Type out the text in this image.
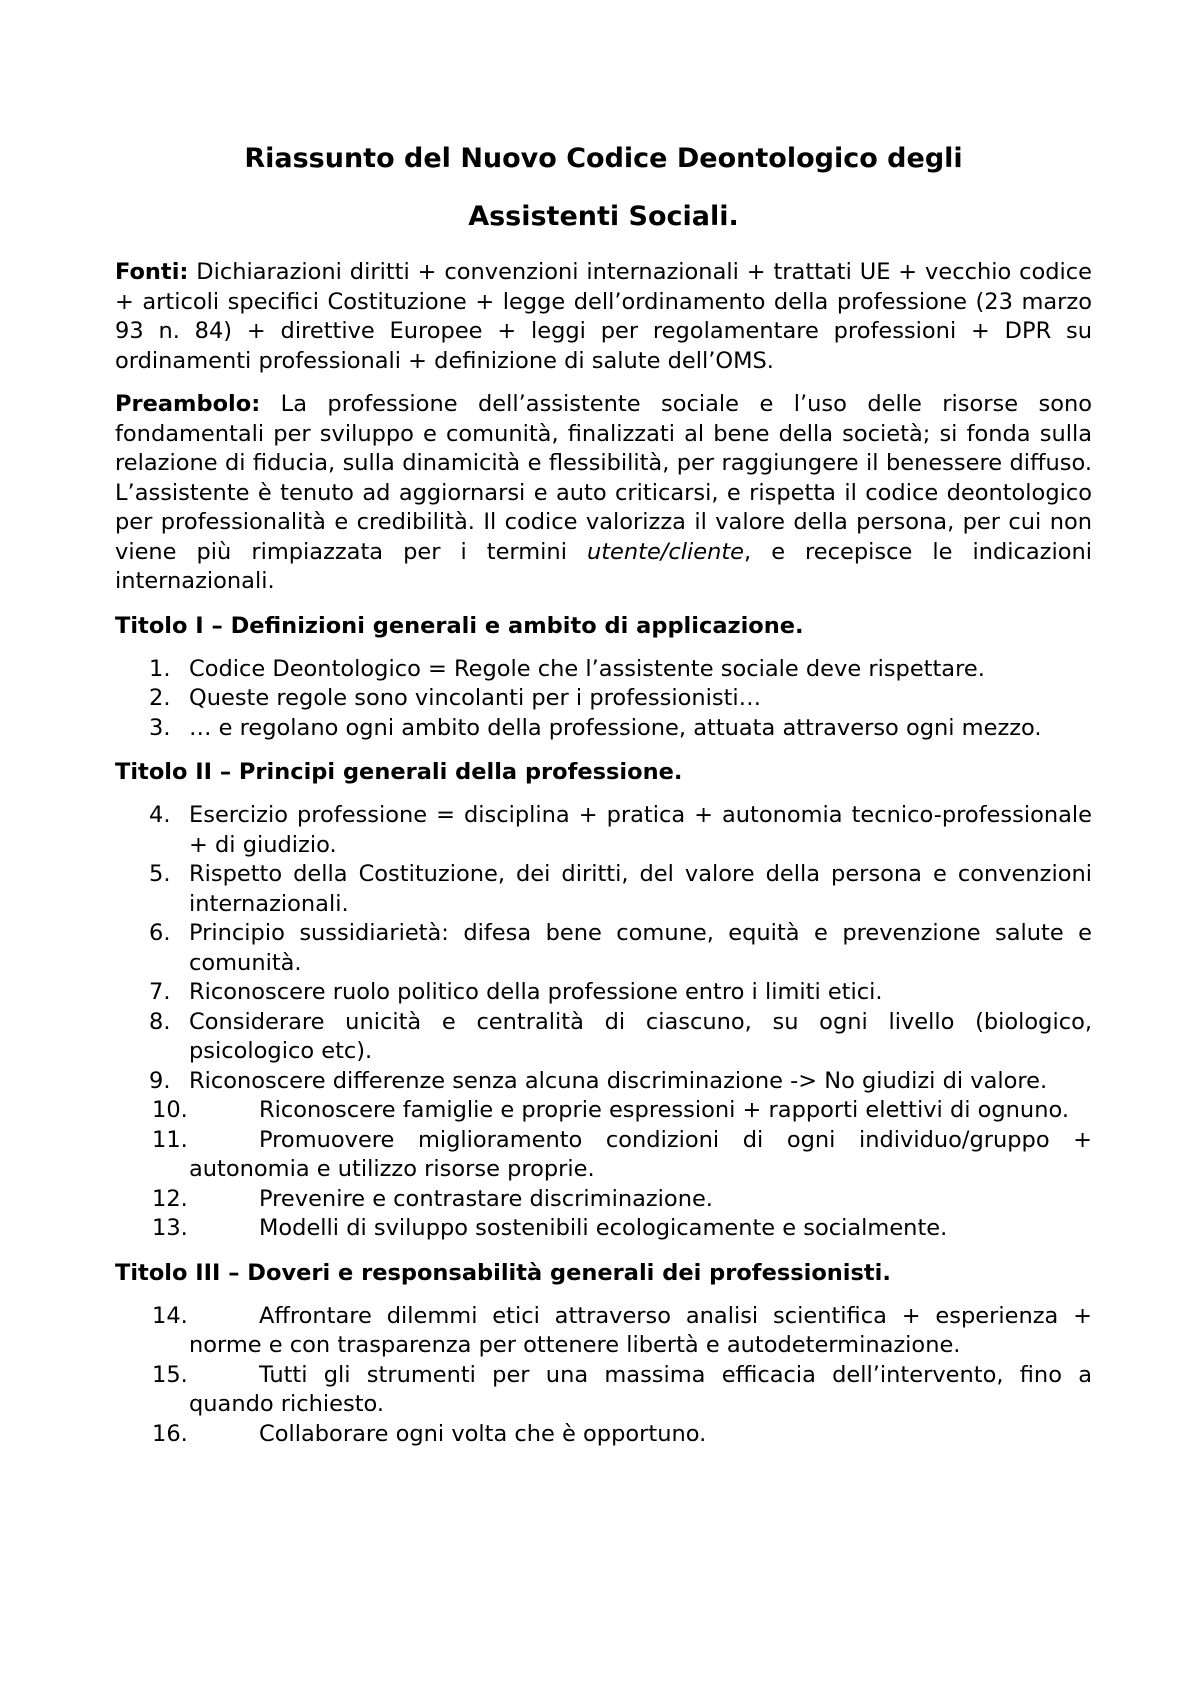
Riassunto del Nuovo Codice Deontologico degli
Assistenti Sociali.

Fonti: Dichiarazioni diritti + convenzioni internazionali + trattati UE + vecchio codice + articoli specifici Costituzione + legge dell’ordinamento della professione (23 marzo 93 n. 84) + direttive Europee + leggi per regolamentare professioni + DPR su ordinamenti professionali + definizione di salute dell’OMS.

Preambolo: La professione dell’assistente sociale e l’uso delle risorse sono fondamentali per sviluppo e comunità, finalizzati al bene della società; si fonda sulla relazione di fiducia, sulla dinamicità e flessibilità, per raggiungere il benessere diffuso. L’assistente è tenuto ad aggiornarsi e auto criticarsi, e rispetta il codice deontologico per professionalità e credibilità. Il codice valorizza il valore della persona, per cui non viene più rimpiazzata per i termini utente/cliente, e recepisce le indicazioni internazionali.

Titolo I – Definizioni generali e ambito di applicazione.
1. Codice Deontologico = Regole che l’assistente sociale deve rispettare.
2. Queste regole sono vincolanti per i professionisti…
3. … e regolano ogni ambito della professione, attuata attraverso ogni mezzo.
Titolo II – Principi generali della professione.
4. Esercizio professione = disciplina + pratica + autonomia tecnico-professionale + di giudizio.
5. Rispetto della Costituzione, dei diritti, del valore della persona e convenzioni internazionali.
6. Principio sussidiarietà: difesa bene comune, equità e prevenzione salute e comunità.
7. Riconoscere ruolo politico della professione entro i limiti etici.
8. Considerare unicità e centralità di ciascuno, su ogni livello (biologico, psicologico etc).
9. Riconoscere differenze senza alcuna discriminazione -> No giudizi di valore.
10.	Riconoscere famiglie e proprie espressioni + rapporti elettivi di ognuno.
11.	Promuovere miglioramento condizioni di ogni individuo/gruppo + autonomia e utilizzo risorse proprie.
12.	Prevenire e contrastare discriminazione.
13.	Modelli di sviluppo sostenibili ecologicamente e socialmente.
Titolo III – Doveri e responsabilità generali dei professionisti.
14.	Affrontare dilemmi etici attraverso analisi scientifica + esperienza + norme e con trasparenza per ottenere libertà e autodeterminazione.
15.	Tutti gli strumenti per una massima efficacia dell’intervento, fino a quando richiesto.
16.	Collaborare ogni volta che è opportuno.
